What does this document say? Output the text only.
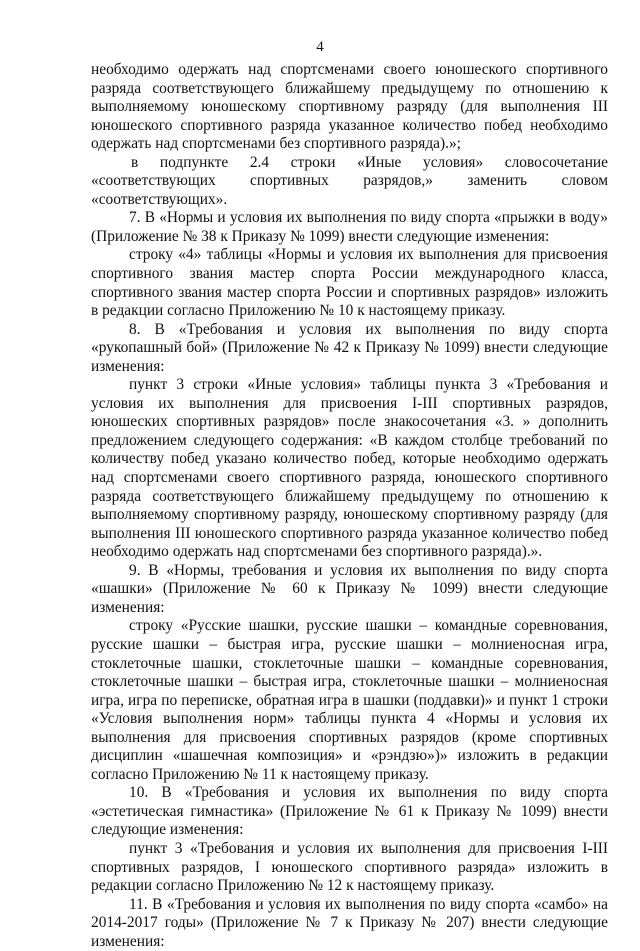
4

необходимо одержать над спортсменами своего юношеского спортивного разряда соответствующего ближайшему предыдущему по отношению к выполняемому юношескому спортивному разряду (для выполнения III юношеского спортивного разряда указанное количество побед необходимо одержать над спортсменами без спортивного разряда).»;

в подпункте 2.4 строки «Иные условия» словосочетание «соответствующих спортивных разрядов,» заменить словом «соответствующих».

7. В «Нормы и условия их выполнения по виду спорта «прыжки в воду» (Приложение № 38 к Приказу № 1099) внести следующие изменения:

строку «4» таблицы «Нормы и условия их выполнения для присвоения спортивного звания мастер спорта России международного класса, спортивного звания мастер спорта России и спортивных разрядов» изложить в редакции согласно Приложению № 10 к настоящему приказу.

8. В «Требования и условия их выполнения по виду спорта «рукопашный бой» (Приложение № 42 к Приказу № 1099) внести следующие изменения:

пункт 3 строки «Иные условия» таблицы пункта 3 «Требования и условия их выполнения для присвоения I-III спортивных разрядов, юношеских спортивных разрядов» после знакосочетания «3. » дополнить предложением следующего содержания: «В каждом столбце требований по количеству побед указано количество побед, которые необходимо одержать над спортсменами своего спортивного разряда, юношеского спортивного разряда соответствующего ближайшему предыдущему по отношению к выполняемому спортивному разряду, юношескому спортивному разряду (для выполнения III юношеского спортивного разряда указанное количество побед необходимо одержать над спортсменами без спортивного разряда).».

9. В «Нормы, требования и условия их выполнения по виду спорта «шашки» (Приложение № 60 к Приказу № 1099) внести следующие изменения:

строку «Русские шашки, русские шашки – командные соревнования, русские шашки – быстрая игра, русские шашки – молниеносная игра, стоклеточные шашки, стоклеточные шашки – командные соревнования, стоклеточные шашки – быстрая игра, стоклеточные шашки – молниеносная игра, игра по переписке, обратная игра в шашки (поддавки)» и пункт 1 строки «Условия выполнения норм» таблицы пункта 4 «Нормы и условия их выполнения для присвоения спортивных разрядов (кроме спортивных дисциплин «шашечная композиция» и «рэндзю»)» изложить в редакции согласно Приложению № 11 к настоящему приказу.

10. В «Требования и условия их выполнения по виду спорта «эстетическая гимнастика» (Приложение № 61 к Приказу № 1099) внести следующие изменения:

пункт 3 «Требования и условия их выполнения для присвоения I-III спортивных разрядов, I юношеского спортивного разряда» изложить в редакции согласно Приложению № 12 к настоящему приказу.

11. В «Требования и условия их выполнения по виду спорта «самбо» на 2014-2017 годы» (Приложение № 7 к Приказу № 207) внести следующие изменения:
